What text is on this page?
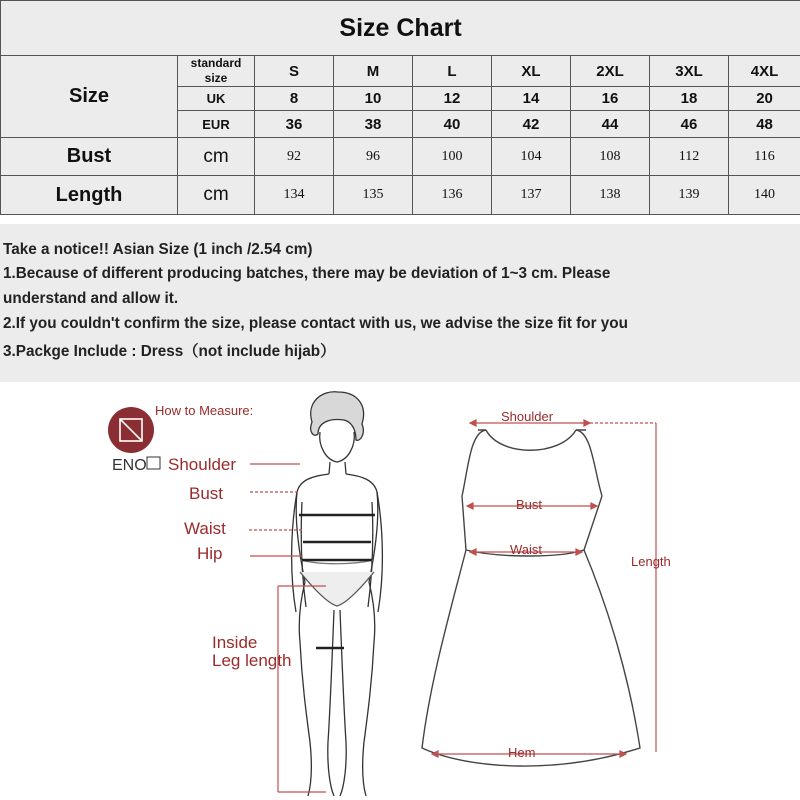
Size Chart								
Size	standard size	S	M	L	XL	2XL	3XL	4XL
	UK	8	10	12	14	16	18	20
	EUR	36	38	40	42	44	46	48
Bust	cm	92	96	100	104	108	112	116
Length	cm	134	135	136	137	138	139	140

Take a notice!! Asian Size (1 inch /2.54 cm)

1.Because of different producing batches, there may be deviation of 1~3 cm. Please

understand and allow it.

2.If you couldn't confirm the size, please contact with us, we advise the size fit for you

3.Packge Include : Dress（not include hijab）

ENO
How to Measure:
Shoulder
Bust
Waist
Hip
Inside
Leg length
Shoulder
Bust
Waist
Length
Hem
